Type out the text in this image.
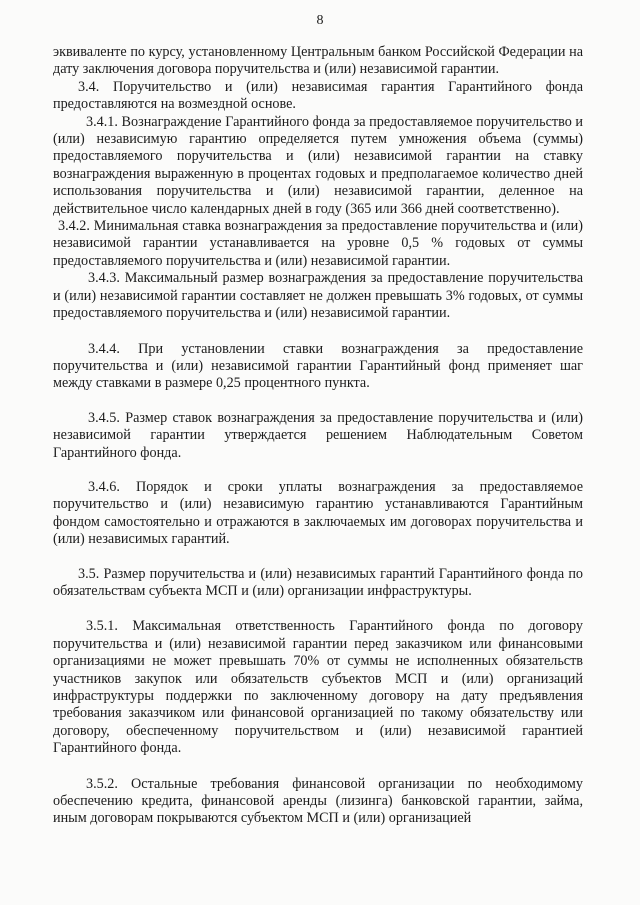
8

эквиваленте по курсу, установленному Центральным банком Российской Федерации на дату заключения договора поручительства и (или) независимой гарантии.

3.4. Поручительство и (или) независимая гарантия Гарантийного фонда предоставляются на возмездной основе.

3.4.1. Вознаграждение Гарантийного фонда за предоставляемое поручительство и (или) независимую гарантию определяется путем умножения объема (суммы) предоставляемого поручительства и (или) независимой гарантии на ставку вознаграждения выраженную в процентах годовых и предполагаемое количество дней использования поручительства и (или) независимой гарантии, деленное на действительное число календарных дней в году (365 или 366 дней соответственно).

3.4.2. Минимальная ставка вознаграждения за предоставление поручительства и (или) независимой гарантии устанавливается на уровне 0,5 % годовых от суммы предоставляемого поручительства и (или) независимой гарантии.

3.4.3. Максимальный размер вознаграждения за предоставление поручительства и (или) независимой гарантии составляет не должен превышать 3% годовых, от суммы предоставляемого поручительства и (или) независимой гарантии.

3.4.4. При установлении ставки вознаграждения за предоставление поручительства и (или) независимой гарантии Гарантийный фонд применяет шаг между ставками в размере 0,25 процентного пункта.

3.4.5. Размер ставок вознаграждения за предоставление поручительства и (или) независимой гарантии утверждается решением Наблюдательным Советом Гарантийного фонда.

3.4.6. Порядок и сроки уплаты вознаграждения за предоставляемое поручительство и (или) независимую гарантию устанавливаются Гарантийным фондом самостоятельно и отражаются в заключаемых им договорах поручительства и (или) независимых гарантий.

3.5. Размер поручительства и (или) независимых гарантий Гарантийного фонда по обязательствам субъекта МСП и (или) организации инфраструктуры.

3.5.1. Максимальная ответственность Гарантийного фонда по договору поручительства и (или) независимой гарантии перед заказчиком или финансовыми организациями не может превышать 70% от суммы не исполненных обязательств участников закупок или обязательств субъектов МСП и (или) организаций инфраструктуры поддержки по заключенному договору на дату предъявления требования заказчиком или финансовой организацией по такому обязательству или договору, обеспеченному поручительством и (или) независимой гарантией Гарантийного фонда.

3.5.2. Остальные требования финансовой организации по необходимому обеспечению кредита, финансовой аренды (лизинга) банковской гарантии, займа, иным договорам покрываются субъектом МСП и (или) организацией
